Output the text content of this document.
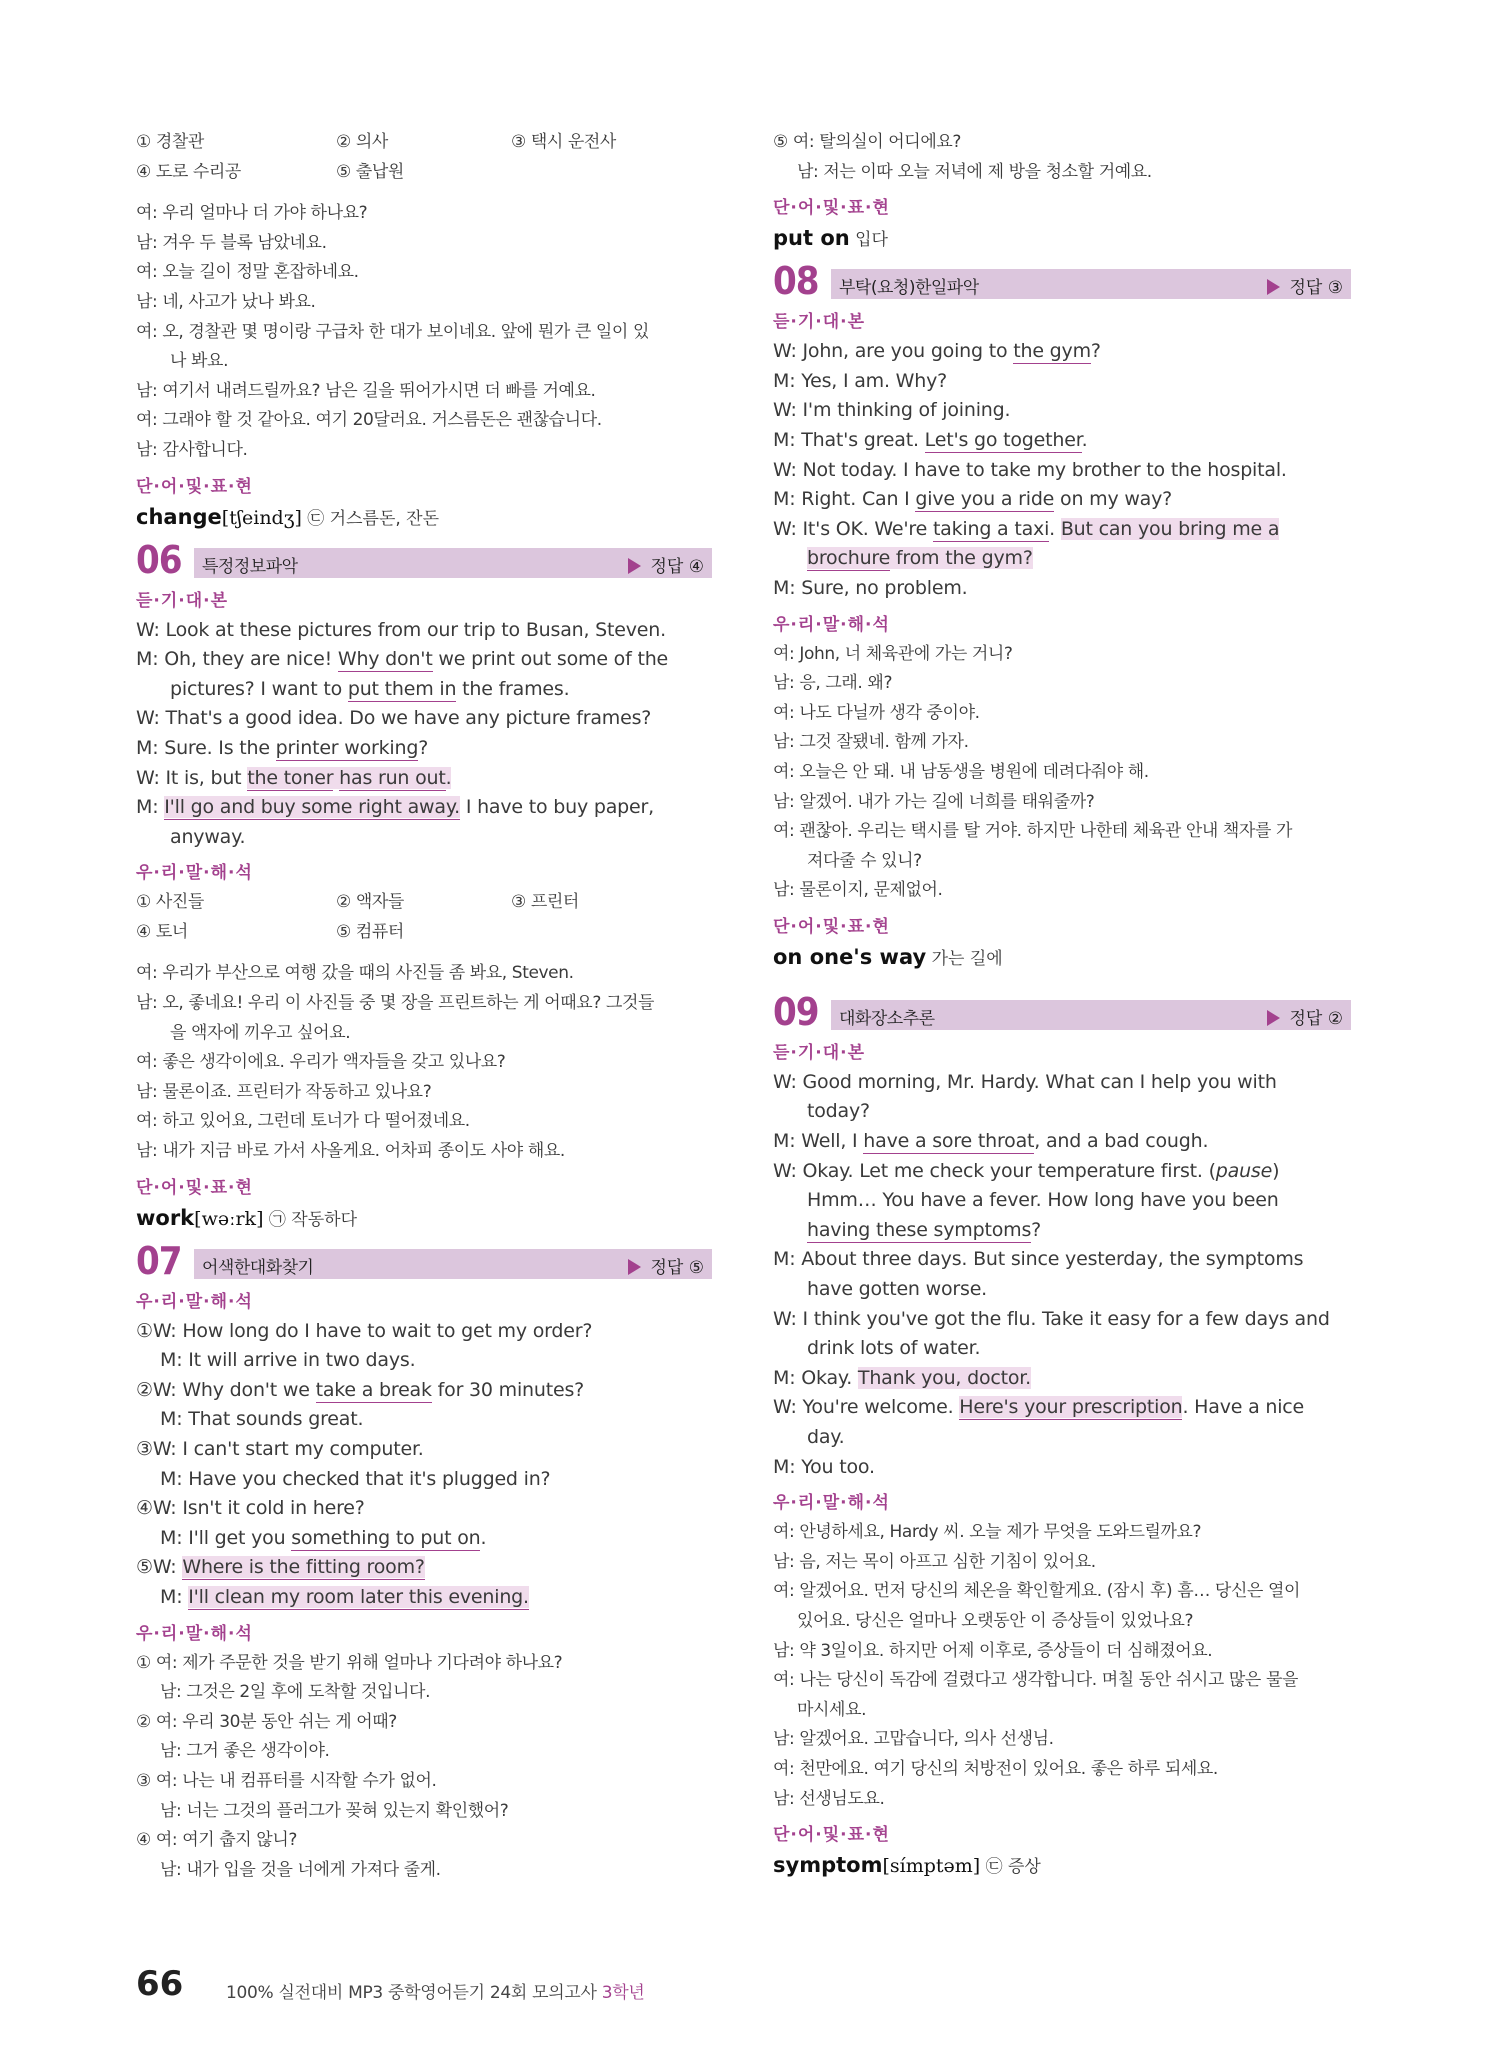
① 경찰관	② 의사	③ 택시 운전사
④ 도로 수리공	⑤ 출납원
여: 우리 얼마나 더 가야 하나요?
남: 겨우 두 블록 남았네요.
여: 오늘 길이 정말 혼잡하네요.
남: 네, 사고가 났나 봐요.
여: 오, 경찰관 몇 명이랑 구급차 한 대가 보이네요. 앞에 뭔가 큰 일이 있
나 봐요.
남: 여기서 내려드릴까요? 남은 길을 뛰어가시면 더 빠를 거예요.
여: 그래야 할 것 같아요. 여기 20달러요. 거스름돈은 괜찮습니다.
남: 감사합니다.
단·어·및·표·현
change[tʃeindʒ] ㉢ 거스름돈, 잔돈
06 특정정보파악	정답 ④
듣·기·대·본
W: Look at these pictures from our trip to Busan, Steven.
M: Oh, they are nice! Why don't we print out some of the
pictures? I want to put them in the frames.
W: That's a good idea. Do we have any picture frames?
M: Sure. Is the printer working?
W: It is, but the toner has run out.
M: I'll go and buy some right away. I have to buy paper,
anyway.
우·리·말·해·석
① 사진들	② 액자들	③ 프린터
④ 토너	⑤ 컴퓨터
여: 우리가 부산으로 여행 갔을 때의 사진들 좀 봐요, Steven.
남: 오, 좋네요! 우리 이 사진들 중 몇 장을 프린트하는 게 어때요? 그것들
을 액자에 끼우고 싶어요.
여: 좋은 생각이에요. 우리가 액자들을 갖고 있나요?
남: 물론이죠. 프린터가 작동하고 있나요?
여: 하고 있어요, 그런데 토너가 다 떨어졌네요.
남: 내가 지금 바로 가서 사올게요. 어차피 종이도 사야 해요.
단·어·및·표·현
work[wəːrk] ㉠ 작동하다
07 어색한대화찾기	정답 ⑤
우·리·말·해·석
①W: How long do I have to wait to get my order?
M: It will arrive in two days.
②W: Why don't we take a break for 30 minutes?
M: That sounds great.
③W: I can't start my computer.
M: Have you checked that it's plugged in?
④W: Isn't it cold in here?
M: I'll get you something to put on.
⑤W: Where is the fitting room?
M: I'll clean my room later this evening.
우·리·말·해·석
① 여: 제가 주문한 것을 받기 위해 얼마나 기다려야 하나요?
남: 그것은 2일 후에 도착할 것입니다.
② 여: 우리 30분 동안 쉬는 게 어때?
남: 그거 좋은 생각이야.
③ 여: 나는 내 컴퓨터를 시작할 수가 없어.
남: 너는 그것의 플러그가 꽂혀 있는지 확인했어?
④ 여: 여기 춥지 않니?
남: 내가 입을 것을 너에게 가져다 줄게.
⑤ 여: 탈의실이 어디에요?
남: 저는 이따 오늘 저녁에 제 방을 청소할 거예요.
단·어·및·표·현
put on 입다
08 부탁(요청)한일파악	정답 ③
듣·기·대·본
W: John, are you going to the gym?
M: Yes, I am. Why?
W: I'm thinking of joining.
M: That's great. Let's go together.
W: Not today. I have to take my brother to the hospital.
M: Right. Can I give you a ride on my way?
W: It's OK. We're taking a taxi. But can you bring me a
brochure from the gym?
M: Sure, no problem.
우·리·말·해·석
여: John, 너 체육관에 가는 거니?
남: 응, 그래. 왜?
여: 나도 다닐까 생각 중이야.
남: 그것 잘됐네. 함께 가자.
여: 오늘은 안 돼. 내 남동생을 병원에 데려다줘야 해.
남: 알겠어. 내가 가는 길에 너희를 태워줄까?
여: 괜찮아. 우리는 택시를 탈 거야. 하지만 나한테 체육관 안내 책자를 가
져다줄 수 있니?
남: 물론이지, 문제없어.
단·어·및·표·현
on one's way 가는 길에
09 대화장소추론	정답 ②
듣·기·대·본
W: Good morning, Mr. Hardy. What can I help you with
today?
M: Well, I have a sore throat, and a bad cough.
W: Okay. Let me check your temperature first. (pause)
Hmm… You have a fever. How long have you been
having these symptoms?
M: About three days. But since yesterday, the symptoms
have gotten worse.
W: I think you've got the flu. Take it easy for a few days and
drink lots of water.
M: Okay. Thank you, doctor.
W: You're welcome. Here's your prescription. Have a nice
day.
M: You too.
우·리·말·해·석
여: 안녕하세요, Hardy 씨. 오늘 제가 무엇을 도와드릴까요?
남: 음, 저는 목이 아프고 심한 기침이 있어요.
여: 알겠어요. 먼저 당신의 체온을 확인할게요. (잠시 후) 흠… 당신은 열이
있어요. 당신은 얼마나 오랫동안 이 증상들이 있었나요?
남: 약 3일이요. 하지만 어제 이후로, 증상들이 더 심해졌어요.
여: 나는 당신이 독감에 걸렸다고 생각합니다. 며칠 동안 쉬시고 많은 물을
마시세요.
남: 알겠어요. 고맙습니다, 의사 선생님.
여: 천만에요. 여기 당신의 처방전이 있어요. 좋은 하루 되세요.
남: 선생님도요.
단·어·및·표·현
symptom[símptəm] ㉢ 증상
66	100% 실전대비 MP3 중학영어듣기 24회 모의고사 3학년
